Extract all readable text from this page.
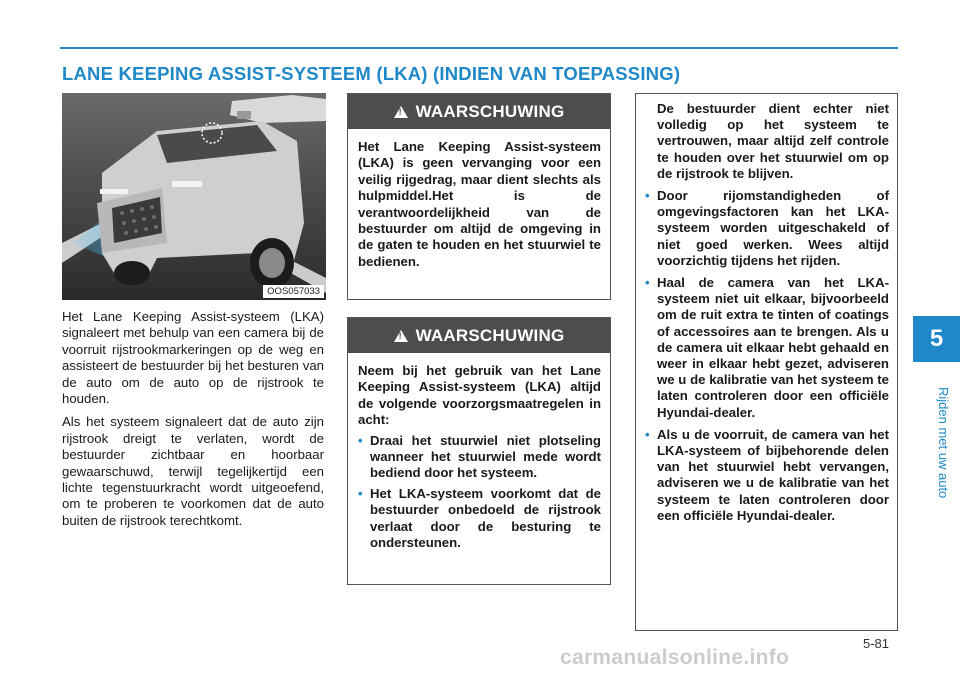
LANE KEEPING ASSIST-SYSTEEM (LKA) (INDIEN VAN TOEPASSING)
OOS057033

Het Lane Keeping Assist-systeem (LKA) signaleert met behulp van een camera bij de voorruit rijstrookmarkeringen op de weg en assisteert de bestuurder bij het besturen van de auto om de auto op de rijstrook te houden.

Als het systeem signaleert dat de auto zijn rijstrook dreigt te verlaten, wordt de bestuurder zichtbaar en hoorbaar gewaarschuwd, terwijl tegelijkertijd een lichte tegenstuurkracht wordt uitgeoefend, om te proberen te voorkomen dat de auto buiten de rijstrook terechtkomt.

!
WAARSCHUWING
Het Lane Keeping Assist-systeem (LKA) is geen vervanging voor een veilig rijgedrag, maar dient slechts als hulpmiddel.Het is de verantwoordelijkheid van de bestuurder om altijd de omgeving in de gaten te houden en het stuurwiel te bedienen.
!
WAARSCHUWING
Neem bij het gebruik van het Lane Keeping Assist-systeem (LKA) altijd de volgende voorzorgsmaatregelen in acht:
• Draai het stuurwiel niet plotseling wanneer het stuurwiel mede wordt bediend door het systeem.
• Het LKA-systeem voorkomt dat de bestuurder onbedoeld de rijstrook verlaat door de besturing te ondersteunen.
De bestuurder dient echter niet volledig op het systeem te vertrouwen, maar altijd zelf controle te houden over het stuurwiel om op de rijstrook te blijven.
• Door rijomstandigheden of omgevingsfactoren kan het LKA-systeem worden uitgeschakeld of niet goed werken. Wees altijd voorzichtig tijdens het rijden.
• Haal de camera van het LKA-systeem niet uit elkaar, bijvoorbeeld om de ruit extra te tinten of coatings of accessoires aan te brengen. Als u de camera uit elkaar hebt gehaald en weer in elkaar hebt gezet, adviseren we u de kalibratie van het systeem te laten controleren door een officiële Hyundai-dealer.
• Als u de voorruit, de camera van het LKA-systeem of bijbehorende delen van het stuurwiel hebt vervangen, adviseren we u de kalibratie van het systeem te laten controleren door een officiële Hyundai-dealer.
5
Rijden met uw auto
5-81
carmanualsonline.info
